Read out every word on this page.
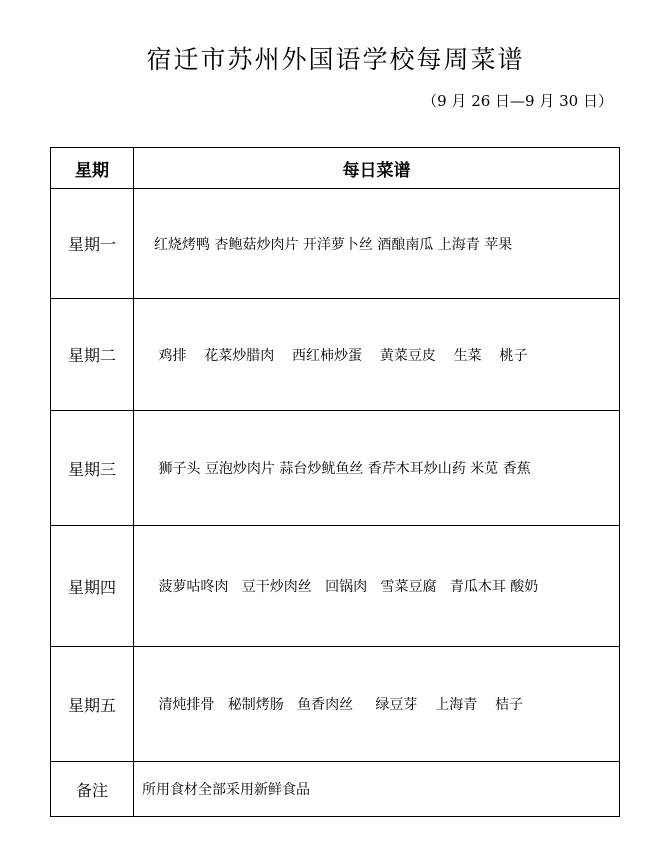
宿迁市苏州外国语学校每周菜谱
（9 月 26 日—9 月 30 日）
星期	每日菜谱
星期一	红烧烤鸭 杏鲍菇炒肉片 开洋萝卜丝 酒酿南瓜 上海青 苹果
星期二	鸡排    花菜炒腊肉    西红柿炒蛋    黄菜豆皮    生菜    桃子
星期三	狮子头 豆泡炒肉片 蒜台炒鱿鱼丝 香芹木耳炒山药 米苋 香蕉
星期四	菠萝咕咚肉   豆干炒肉丝   回锅肉   雪菜豆腐   青瓜木耳 酸奶
星期五	清炖排骨   秘制烤肠   鱼香肉丝     绿豆芽    上海青    桔子
备注	所用食材全部采用新鲜食品
